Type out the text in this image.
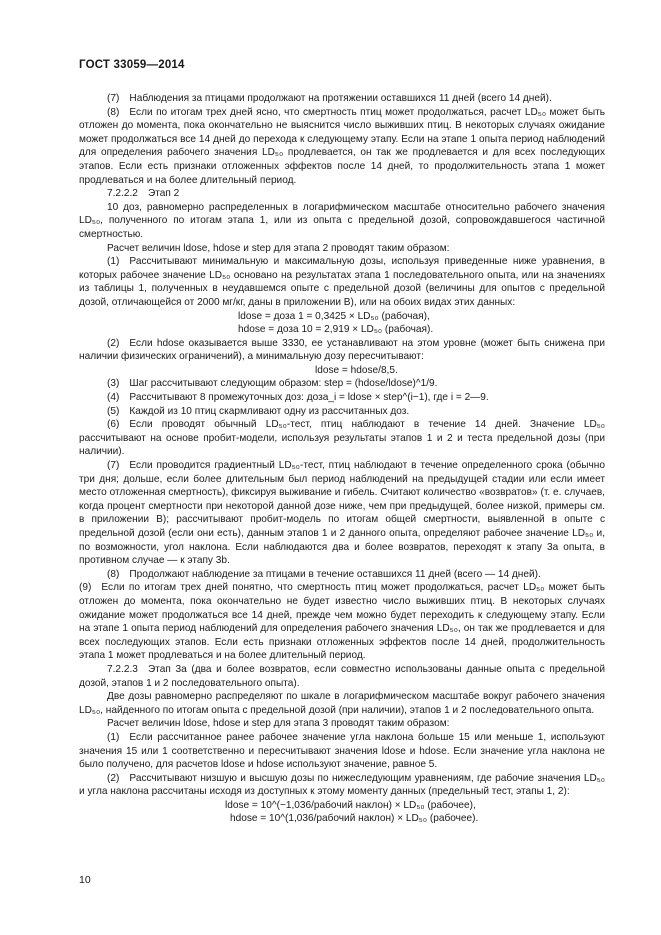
ГОСТ 33059—2014

(7) Наблюдения за птицами продолжают на протяжении оставшихся 11 дней (всего 14 дней).

(8) Если по итогам трех дней ясно, что смертность птиц может продолжаться, расчет LD₅₀ может быть отложен до момента, пока окончательно не выяснится число выживших птиц. В некоторых случаях ожидание может продолжаться все 14 дней до перехода к следующему этапу. Если на этапе 1 опыта период наблюдений для определения рабочего значения LD₅₀ продлевается, он так же продлевается и для всех последующих этапов. Если есть признаки отложенных эффектов после 14 дней, то продолжительность этапа 1 может продлеваться и на более длительный период.

7.2.2.2 Этап 2

10 доз, равномерно распределенных в логарифмическом масштабе относительно рабочего значения LD₅₀, полученного по итогам этапа 1, или из опыта с предельной дозой, сопровождавшегося частичной смертностью.

Расчет величин ldose, hdose и step для этапа 2 проводят таким образом:

(1) Рассчитывают минимальную и максимальную дозы, используя приведенные ниже уравнения, в которых рабочее значение LD₅₀ основано на результатах этапа 1 последовательного опыта, или на значениях из таблицы 1, полученных в неудавшемся опыте с предельной дозой (величины для опытов с предельной дозой, отличающейся от 2000 мг/кг, даны в приложении В), или на обоих видах этих данных:

ldose = доза 1 = 0,3425 × LD₅₀ (рабочая),

hdose = доза 10 = 2,919 × LD₅₀ (рабочая).

(2) Если hdose оказывается выше 3330, ее устанавливают на этом уровне (может быть снижена при наличии физических ограничений), а минимальную дозу пересчитывают:

ldose = hdose/8,5.

(3) Шаг рассчитывают следующим образом: step = (hdose/ldose)^1/9.

(4) Рассчитывают 8 промежуточных доз: доза_i = ldose × step^(i−1), где i = 2—9.

(5) Каждой из 10 птиц скармливают одну из рассчитанных доз.

(6) Если проводят обычный LD₅₀-тест, птиц наблюдают в течение 14 дней. Значение LD₅₀ рассчитывают на основе пробит-модели, используя результаты этапов 1 и 2 и теста предельной дозы (при наличии).

(7) Если проводится градиентный LD₅₀-тест, птиц наблюдают в течение определенного срока (обычно три дня; дольше, если более длительным был период наблюдений на предыдущей стадии или если имеет место отложенная смертность), фиксируя выживание и гибель. Считают количество «возвратов» (т. е. случаев, когда процент смертности при некоторой данной дозе ниже, чем при предыдущей, более низкой, примеры см. в приложении В); рассчитывают пробит-модель по итогам общей смертности, выявленной в опыте с предельной дозой (если они есть), данным этапов 1 и 2 данного опыта, определяют рабочее значение LD₅₀ и, по возможности, угол наклона. Если наблюдаются два и более возвратов, переходят к этапу 3а опыта, в противном случае — к этапу 3b.

(8) Продолжают наблюдение за птицами в течение оставшихся 11 дней (всего — 14 дней).

(9) Если по итогам трех дней понятно, что смертность птиц может продолжаться, расчет LD₅₀ может быть отложен до момента, пока окончательно не будет известно число выживших птиц. В некоторых случаях ожидание может продолжаться все 14 дней, прежде чем можно будет переходить к следующему этапу. Если на этапе 1 опыта период наблюдений для определения рабочего значения LD₅₀, он так же продлевается и для всех последующих этапов. Если есть признаки отложенных эффектов после 14 дней, продолжительность этапа 1 может продлеваться и на более длительный период.

7.2.2.3 Этап 3а (два и более возвратов, если совместно использованы данные опыта с предельной дозой, этапов 1 и 2 последовательного опыта).

Две дозы равномерно распределяют по шкале в логарифмическом масштабе вокруг рабочего значения LD₅₀, найденного по итогам опыта с предельной дозой (при наличии), этапов 1 и 2 последовательного опыта.

Расчет величин ldose, hdose и step для этапа 3 проводят таким образом:

(1) Если рассчитанное ранее рабочее значение угла наклона больше 15 или меньше 1, используют значения 15 или 1 соответственно и пересчитывают значения ldose и hdose. Если значение угла наклона не было получено, для расчетов ldose и hdose используют значение, равное 5.

(2) Рассчитывают низшую и высшую дозы по нижеследующим уравнениям, где рабочие значения LD₅₀ и угла наклона рассчитаны исходя из доступных к этому моменту данных (предельный тест, этапы 1, 2):

ldose = 10^(−1,036/рабочий наклон) × LD₅₀ (рабочее),

hdose = 10^(1,036/рабочий наклон) × LD₅₀ (рабочее).

10
